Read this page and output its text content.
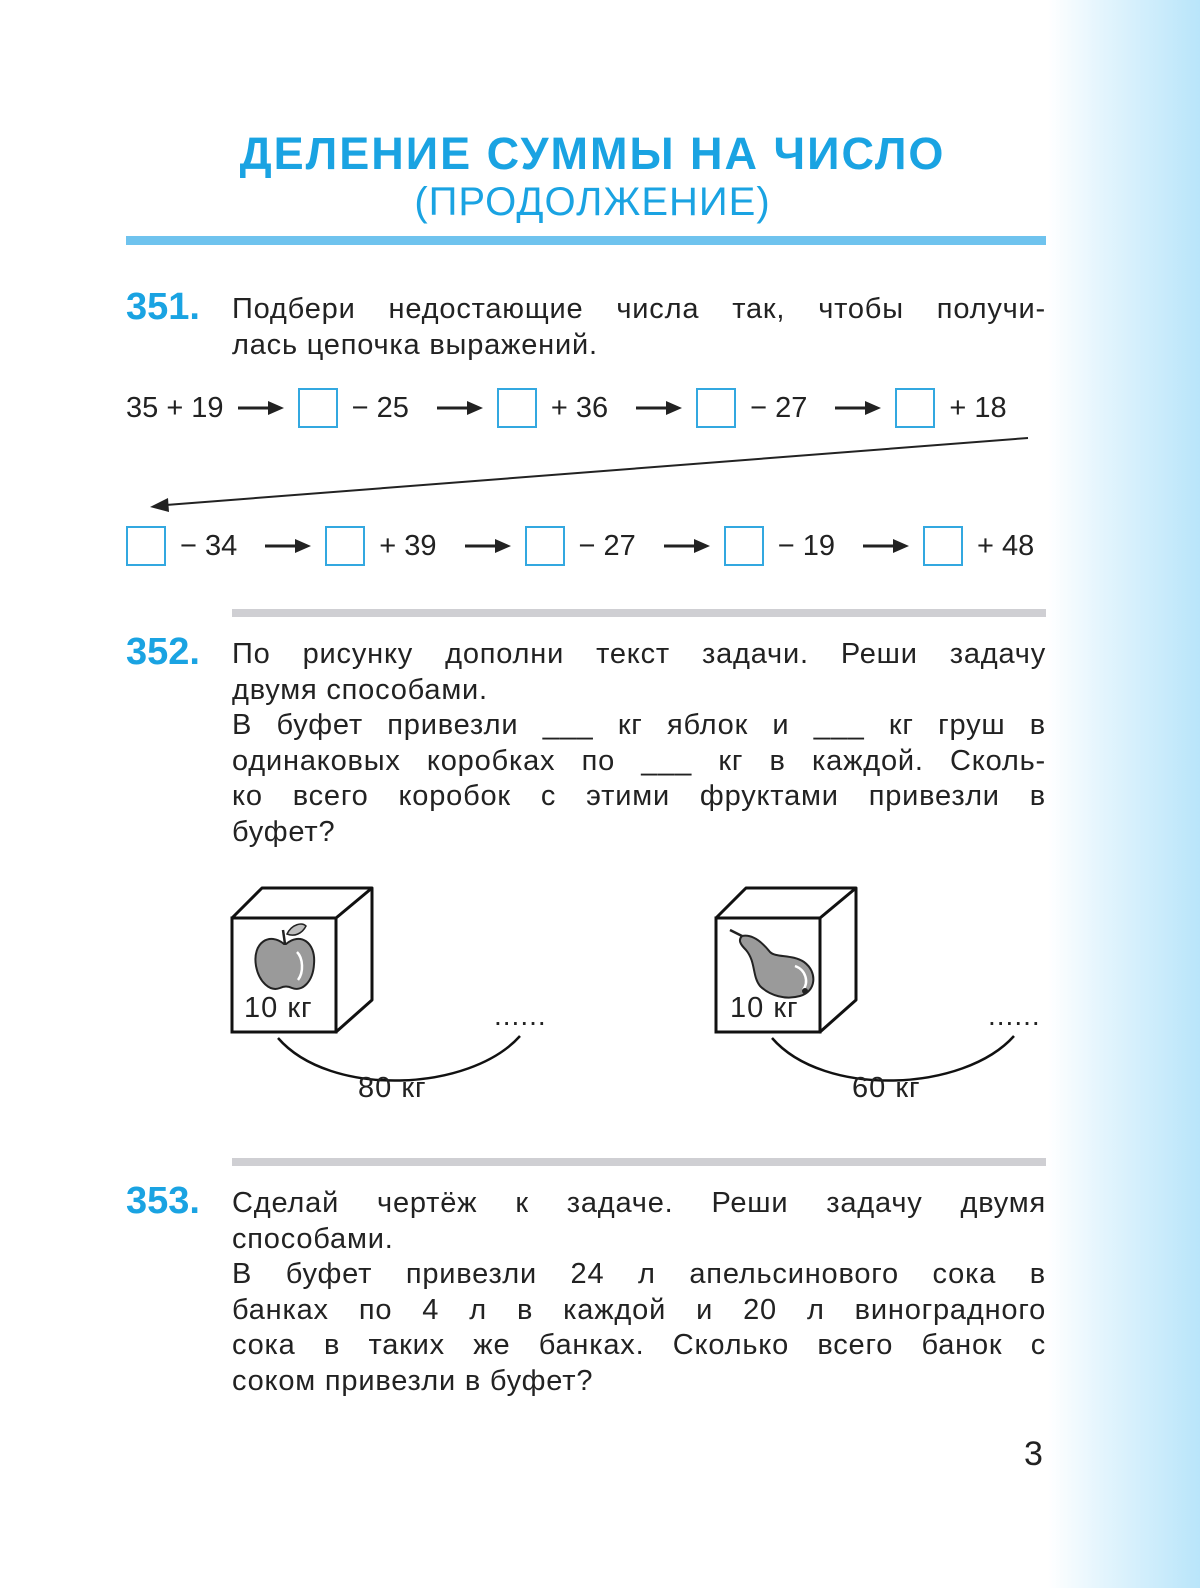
ДЕЛЕНИЕ СУММЫ НА ЧИСЛО
(ПРОДОЛЖЕНИЕ)
351. Подбери недостающие числа так, чтобы получи-
лась цепочка выражений.
35 + 19	− 25	+ 36	− 27	+ 18
− 34	+ 39	− 27	− 19	+ 48
352. По рисунку дополни текст задачи. Реши задачу
двумя способами.
В буфет привезли ___ кг яблок и ___ кг груш в
одинаковых коробках по ___ кг в каждой. Сколь-
ко всего коробок с этими фруктами привезли в
буфет?
10 кг	......
80 кг
10 кг	......
60 кг
353. Сделай чертёж к задаче. Реши задачу двумя
способами.
В буфет привезли 24 л апельсинового сока в
банках по 4 л в каждой и 20 л виноградного
сока в таких же банках. Сколько всего банок с
соком привезли в буфет?
3
